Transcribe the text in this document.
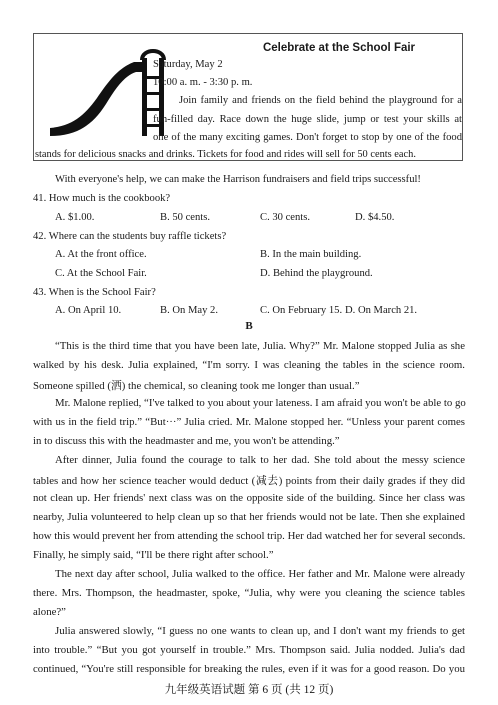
Celebrate at the School Fair
Saturday, May 2
10:00 a. m. - 3:30 p. m.
Join family and friends on the field behind the playground for a
fun-filled day. Race down the huge slide, jump or test your skills at
one of the many exciting games. Don't forget to stop by one of the food
stands for delicious snacks and drinks. Tickets for food and rides will sell for 50 cents each.
With everyone's help, we can make the Harrison fundraisers and field trips successful!
41. How much is the cookbook?
A. $1.00.	B. 50 cents.	C. 30 cents.	D. $4.50.
42. Where can the students buy raffle tickets?
A. At the front office.	B. In the main building.
C. At the School Fair.	D. Behind the playground.
43. When is the School Fair?
A. On April 10.	B. On May 2.	C. On February 15. D. On March 21.
B
“This is the third time that you have been late, Julia. Why?” Mr. Malone stopped Julia as she
walked by his desk. Julia explained, “I'm sorry. I was cleaning the tables in the science room.
Someone spilled (洒) the chemical, so cleaning took me longer than usual.”
Mr. Malone replied, “I've talked to you about your lateness. I am afraid you won't be able to go
with us in the field trip.” “But···” Julia cried. Mr. Malone stopped her. “Unless your parent comes
in to discuss this with the headmaster and me, you won't be attending.”
After dinner, Julia found the courage to talk to her dad. She told about the messy science
tables and how her science teacher would deduct (减去) points from their daily grades if they did
not clean up. Her friends' next class was on the opposite side of the building. Since her class was
nearby, Julia volunteered to help clean up so that her friends would not be late. Then she explained
how this would prevent her from attending the school trip. Her dad watched her for several seconds.
Finally, he simply said, “I'll be there right after school.”
The next day after school, Julia walked to the office. Her father and Mr. Malone were already
there. Mrs. Thompson, the headmaster, spoke, “Julia, why were you cleaning the science tables
alone?”
Julia answered slowly, “I guess no one wants to clean up, and I don't want my friends to get
into trouble.” “But you got yourself in trouble.” Mrs. Thompson said. Julia nodded. Julia's dad
continued, “You're still responsible for breaking the rules, even if it was for a good reason. Do you
九年级英语试题 第 6 页 (共 12 页)
